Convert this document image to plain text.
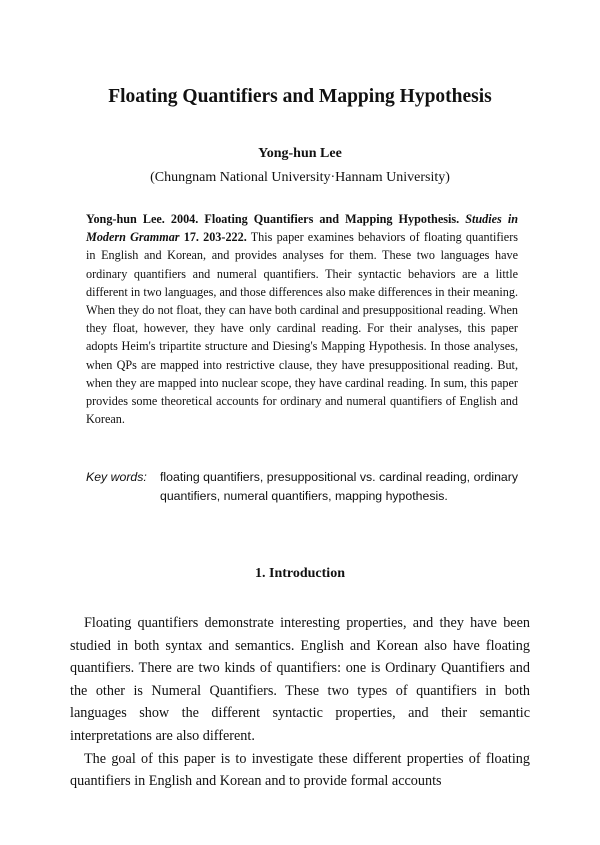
Floating Quantifiers and Mapping Hypothesis
Yong-hun Lee
(Chungnam National University·Hannam University)
Yong-hun Lee. 2004. Floating Quantifiers and Mapping Hypothesis. Studies in Modern Grammar 17. 203-222. This paper examines behaviors of floating quantifiers in English and Korean, and provides analyses for them. These two languages have ordinary quantifiers and numeral quantifiers. Their syntactic behaviors are a little different in two languages, and those differences also make differences in their meaning. When they do not float, they can have both cardinal and presuppositional reading. When they float, however, they have only cardinal reading. For their analyses, this paper adopts Heim's tripartite structure and Diesing's Mapping Hypothesis. In those analyses, when QPs are mapped into restrictive clause, they have presuppositional reading. But, when they are mapped into nuclear scope, they have cardinal reading. In sum, this paper provides some theoretical accounts for ordinary and numeral quantifiers of English and Korean.
Key words: floating quantifiers, presuppositional vs. cardinal reading, ordinary quantifiers, numeral quantifiers, mapping hypothesis.
1. Introduction

Floating quantifiers demonstrate interesting properties, and they have been studied in both syntax and semantics. English and Korean also have floating quantifiers. There are two kinds of quantifiers: one is Ordinary Quantifiers and the other is Numeral Quantifiers. These two types of quantifiers in both languages show the different syntactic properties, and their semantic interpretations are also different.

The goal of this paper is to investigate these different properties of floating quantifiers in English and Korean and to provide formal accounts
